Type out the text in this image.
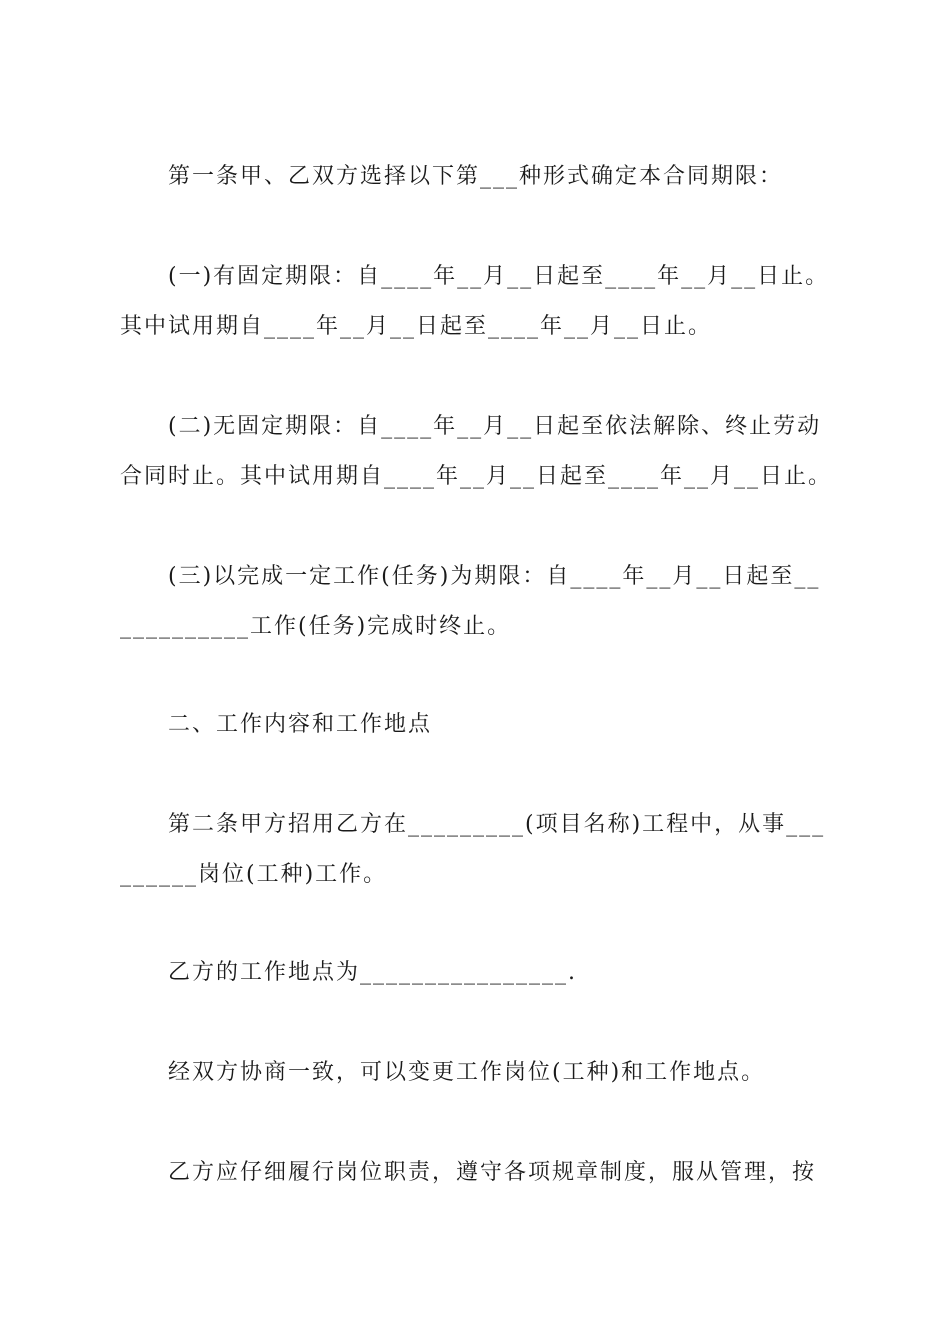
第一条甲、乙双方选择以下第___种形式确定本合同期限：

(一)有固定期限：自____年__月__日起至____年__月__日止。其中试用期自____年__月__日起至____年__月__日止。

(二)无固定期限：自____年__月__日起至依法解除、终止劳动合同时止。其中试用期自____年__月__日起至____年__月__日止。

(三)以完成一定工作(任务)为期限：自____年__月__日起至____________工作(任务)完成时终止。

二、工作内容和工作地点

第二条甲方招用乙方在_________(项目名称)工程中，从事_________岗位(工种)工作。

乙方的工作地点为________________.

经双方协商一致，可以变更工作岗位(工种)和工作地点。

乙方应仔细履行岗位职责，遵守各项规章制度，服从管理，按
